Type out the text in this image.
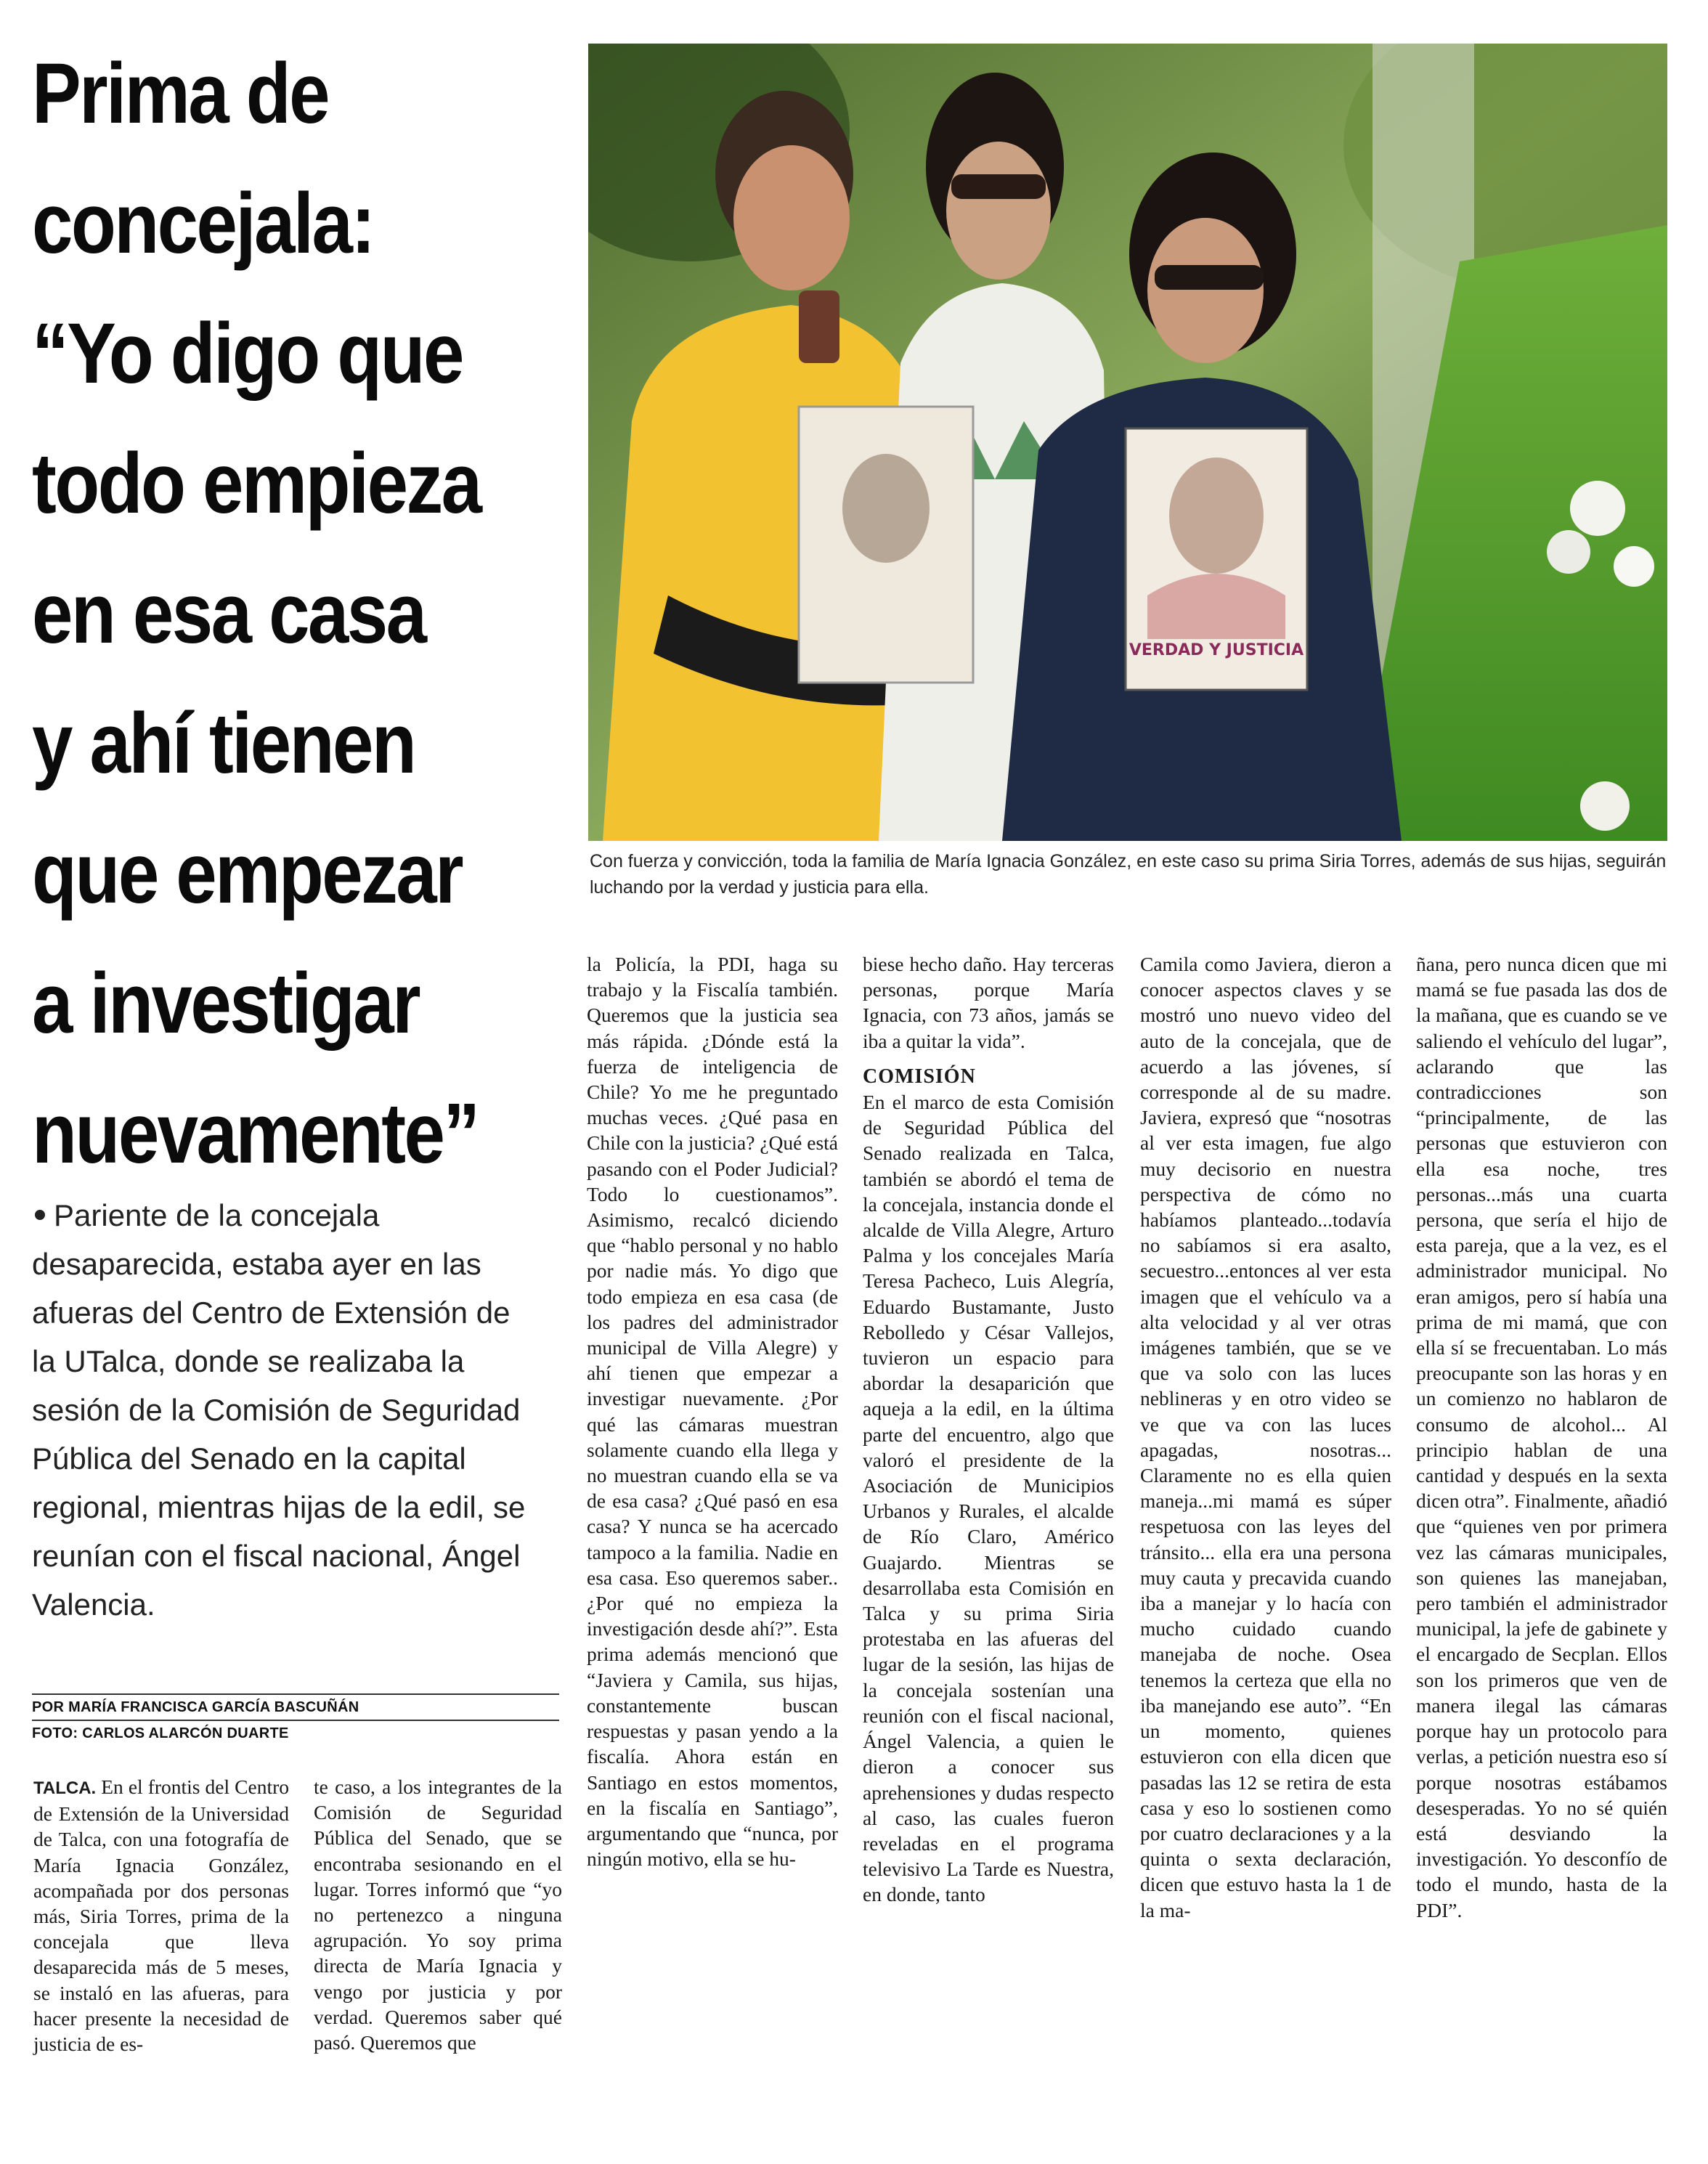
Prima de
concejala:
“Yo digo que
todo empieza
en esa casa
y ahí tienen
que empezar
a investigar
nuevamente”
VERDAD Y JUSTICIA
Con fuerza y convicción, toda la familia de María Ignacia González, en este caso su prima Siria Torres, además de sus hijas, seguirán luchando por la verdad y justicia para ella.
Pariente de la concejala desaparecida, estaba ayer en las afueras del Centro de Extensión de la UTalca, donde se realizaba la sesión de la Comisión de Seguridad Pública del Senado en la capital regional, mientras hijas de la edil, se reunían con el fiscal nacional, Ángel Valencia.
POR MARÍA FRANCISCA GARCÍA BASCUÑÁN
FOTO: CARLOS ALARCÓN DUARTE

TALCA. En el frontis del Centro de Extensión de la Universidad de Talca, con una fotografía de María Ignacia González, acompañada por dos personas más, Siria Torres, prima de la concejala que lleva desaparecida más de 5 meses, se instaló en las afueras, para hacer presente la necesidad de justicia de es-

te caso, a los integrantes de la Comisión de Seguridad Pública del Senado, que se encontraba sesionando en el lugar. Torres informó que “yo no pertenezco a ninguna agrupación. Yo soy prima directa de María Ignacia y vengo por justicia y por verdad. Queremos saber qué pasó. Queremos que

la Policía, la PDI, haga su trabajo y la Fiscalía también. Queremos que la justicia sea más rápida. ¿Dónde está la fuerza de inteligencia de Chile? Yo me he preguntado muchas veces. ¿Qué pasa en Chile con la justicia? ¿Qué está pasando con el Poder Judicial? Todo lo cuestionamos”. Asimismo, recalcó diciendo que “hablo personal y no hablo por nadie más. Yo digo que todo empieza en esa casa (de los padres del administrador municipal de Villa Alegre) y ahí tienen que empezar a investigar nuevamente. ¿Por qué las cámaras muestran solamente cuando ella llega y no muestran cuando ella se va de esa casa? ¿Qué pasó en esa casa? Y nunca se ha acercado tampoco a la familia. Nadie en esa casa. Eso queremos saber.. ¿Por qué no empieza la investigación desde ahí?”. Esta prima además mencionó que “Javiera y Camila, sus hijas, constantemente buscan respuestas y pasan yendo a la fiscalía. Ahora están en Santiago en estos momentos, en la fiscalía en Santiago”, argumentando que “nunca, por ningún motivo, ella se hu-

biese hecho daño. Hay terceras personas, porque María Ignacia, con 73 años, jamás se iba a quitar la vida”.

COMISIÓN

En el marco de esta Comisión de Seguridad Pública del Senado realizada en Talca, también se abordó el tema de la concejala, instancia donde el alcalde de Villa Alegre, Arturo Palma y los concejales María Teresa Pacheco, Luis Alegría, Eduardo Bustamante, Justo Rebolledo y César Vallejos, tuvieron un espacio para abordar la desaparición que aqueja a la edil, en la última parte del encuentro, algo que valoró el presidente de la Asociación de Municipios Urbanos y Rurales, el alcalde de Río Claro, Américo Guajardo. Mientras se desarrollaba esta Comisión en Talca y su prima Siria protestaba en las afueras del lugar de la sesión, las hijas de la concejala sostenían una reunión con el fiscal nacional, Ángel Valencia, a quien le dieron a conocer sus aprehensiones y dudas respecto al caso, las cuales fueron reveladas en el programa televisivo La Tarde es Nuestra, en donde, tanto

Camila como Javiera, dieron a conocer aspectos claves y se mostró uno nuevo video del auto de la concejala, que de acuerdo a las jóvenes, sí corresponde al de su madre. Javiera, expresó que “nosotras al ver esta imagen, fue algo muy decisorio en nuestra perspectiva de cómo no habíamos planteado...todavía no sabíamos si era asalto, secuestro...entonces al ver esta imagen que el vehículo va a alta velocidad y al ver otras imágenes también, que se ve que va solo con las luces neblineras y en otro video se ve que va con las luces apagadas, nosotras... Claramente no es ella quien maneja...mi mamá es súper respetuosa con las leyes del tránsito... ella era una persona muy cauta y precavida cuando iba a manejar y lo hacía con mucho cuidado cuando manejaba de noche. Osea tenemos la certeza que ella no iba manejando ese auto”. “En un momento, quienes estuvieron con ella dicen que pasadas las 12 se retira de esta casa y eso lo sostienen como por cuatro declaraciones y a la quinta o sexta declaración, dicen que estuvo hasta la 1 de la ma-

ñana, pero nunca dicen que mi mamá se fue pasada las dos de la mañana, que es cuando se ve saliendo el vehículo del lugar”, aclarando que las contradicciones son “principalmente, de las personas que estuvieron con ella esa noche, tres personas...más una cuarta persona, que sería el hijo de esta pareja, que a la vez, es el administrador municipal. No eran amigos, pero sí había una prima de mi mamá, que con ella sí se frecuentaban. Lo más preocupante son las horas y en un comienzo no hablaron de consumo de alcohol... Al principio hablan de una cantidad y después en la sexta dicen otra”. Finalmente, añadió que “quienes ven por primera vez las cámaras municipales, son quienes las manejaban, pero también el administrador municipal, la jefe de gabinete y el encargado de Secplan. Ellos son los primeros que ven de manera ilegal las cámaras porque hay un protocolo para verlas, a petición nuestra eso sí porque nosotras estábamos desesperadas. Yo no sé quién está desviando la investigación. Yo desconfío de todo el mundo, hasta de la PDI”.
